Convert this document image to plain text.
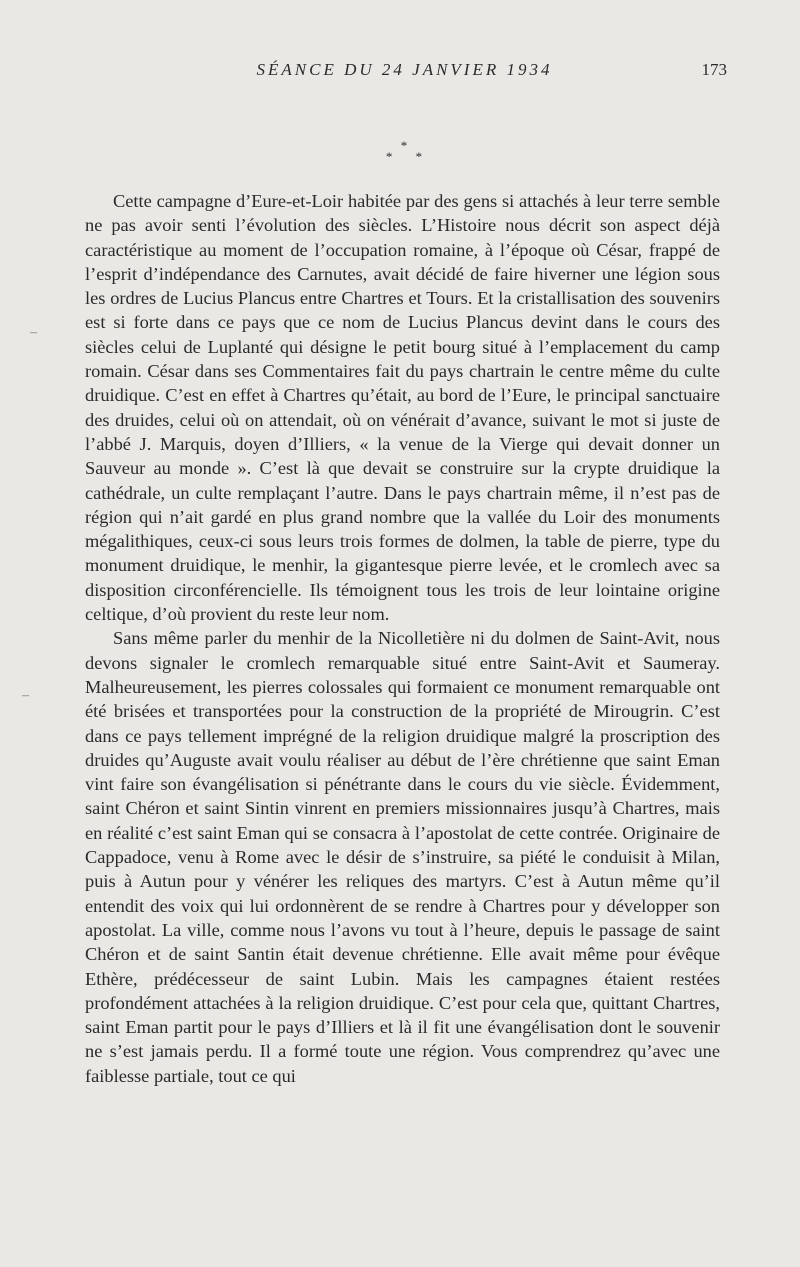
SÉANCE DU 24 JANVIER 1934	173
*
* *

Cette campagne d’Eure-et-Loir habitée par des gens si attachés à leur terre semble ne pas avoir senti l’évolution des siècles. L’Histoire nous décrit son aspect déjà caractéristique au moment de l’occupation romaine, à l’époque où César, frappé de l’esprit d’indépendance des Carnutes, avait décidé de faire hiverner une légion sous les ordres de Lucius Plancus entre Chartres et Tours. Et la cristallisation des souvenirs est si forte dans ce pays que ce nom de Lucius Plancus devint dans le cours des siècles celui de Luplanté qui désigne le petit bourg situé à l’emplacement du camp romain. César dans ses Commentaires fait du pays chartrain le centre même du culte druidique. C’est en effet à Chartres qu’était, au bord de l’Eure, le principal sanctuaire des druides, celui où on attendait, où on vénérait d’avance, suivant le mot si juste de l’abbé J. Marquis, doyen d’Illiers, « la venue de la Vierge qui devait donner un Sauveur au monde ». C’est là que devait se construire sur la crypte druidique la cathédrale, un culte remplaçant l’autre. Dans le pays chartrain même, il n’est pas de région qui n’ait gardé en plus grand nombre que la vallée du Loir des monuments mégalithiques, ceux-ci sous leurs trois formes de dolmen, la table de pierre, type du monument druidique, le menhir, la gigantesque pierre levée, et le cromlech avec sa disposition circonférencielle. Ils témoignent tous les trois de leur lointaine origine celtique, d’où provient du reste leur nom.

Sans même parler du menhir de la Nicolletière ni du dolmen de Saint-Avit, nous devons signaler le cromlech remarquable situé entre Saint-Avit et Saumeray. Malheureusement, les pierres colossales qui formaient ce monument remarquable ont été brisées et transportées pour la construction de la propriété de Mirougrin. C’est dans ce pays tellement imprégné de la religion druidique malgré la proscription des druides qu’Auguste avait voulu réaliser au début de l’ère chrétienne que saint Eman vint faire son évangélisation si pénétrante dans le cours du vie siècle. Évidemment, saint Chéron et saint Sintin vinrent en premiers missionnaires jusqu’à Chartres, mais en réalité c’est saint Eman qui se consacra à l’apostolat de cette contrée. Originaire de Cappadoce, venu à Rome avec le désir de s’instruire, sa piété le conduisit à Milan, puis à Autun pour y vénérer les reliques des martyrs. C’est à Autun même qu’il entendit des voix qui lui ordonnèrent de se rendre à Chartres pour y développer son apostolat. La ville, comme nous l’avons vu tout à l’heure, depuis le passage de saint Chéron et de saint Santin était devenue chrétienne. Elle avait même pour évêque Ethère, prédécesseur de saint Lubin. Mais les campagnes étaient restées profondément attachées à la religion druidique. C’est pour cela que, quittant Chartres, saint Eman partit pour le pays d’Illiers et là il fit une évangélisation dont le souvenir ne s’est jamais perdu. Il a formé toute une région. Vous comprendrez qu’avec une faiblesse partiale, tout ce qui

–
–
